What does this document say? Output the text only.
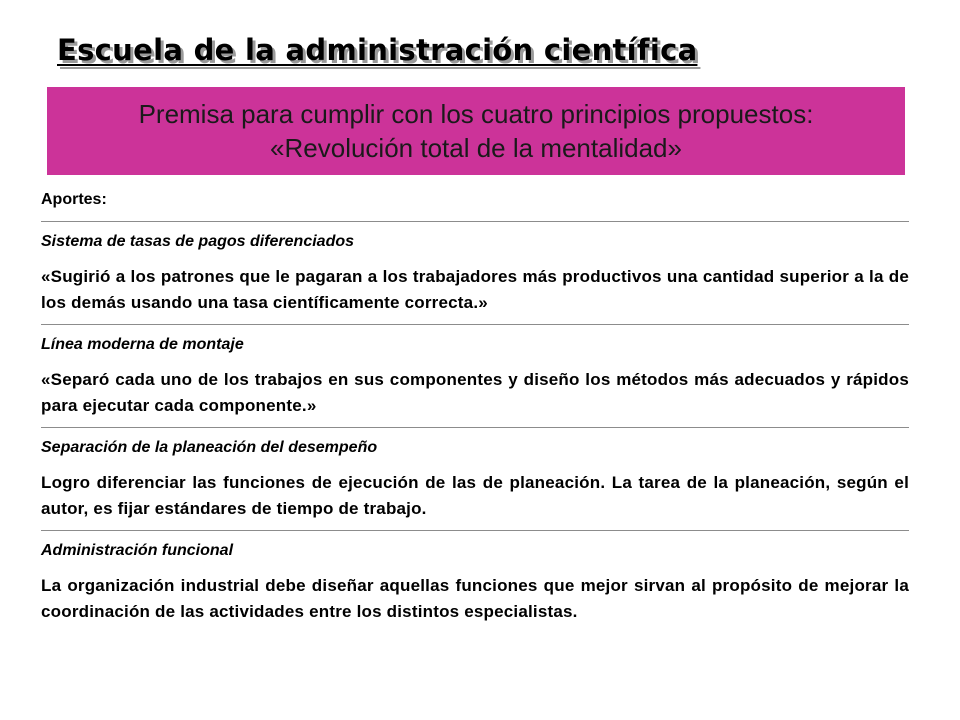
Escuela de la administración científica
Premisa para cumplir con los cuatro principios propuestos:
«Revolución total de la mentalidad»
Aportes:
Sistema de tasas de pagos diferenciados

«Sugirió a los patrones que le pagaran a los trabajadores más productivos una cantidad superior a la de los demás usando una tasa científicamente correcta.»

Línea moderna de montaje

«Separó cada uno de los trabajos en sus componentes y diseño los métodos más adecuados y rápidos para ejecutar cada componente.»

Separación de la planeación del desempeño

Logro diferenciar las funciones de ejecución de las de planeación. La tarea de la planeación, según el autor, es fijar estándares de tiempo de trabajo.

Administración funcional

La organización industrial debe diseñar aquellas funciones que mejor sirvan al propósito de mejorar la coordinación de las actividades entre los distintos especialistas.
